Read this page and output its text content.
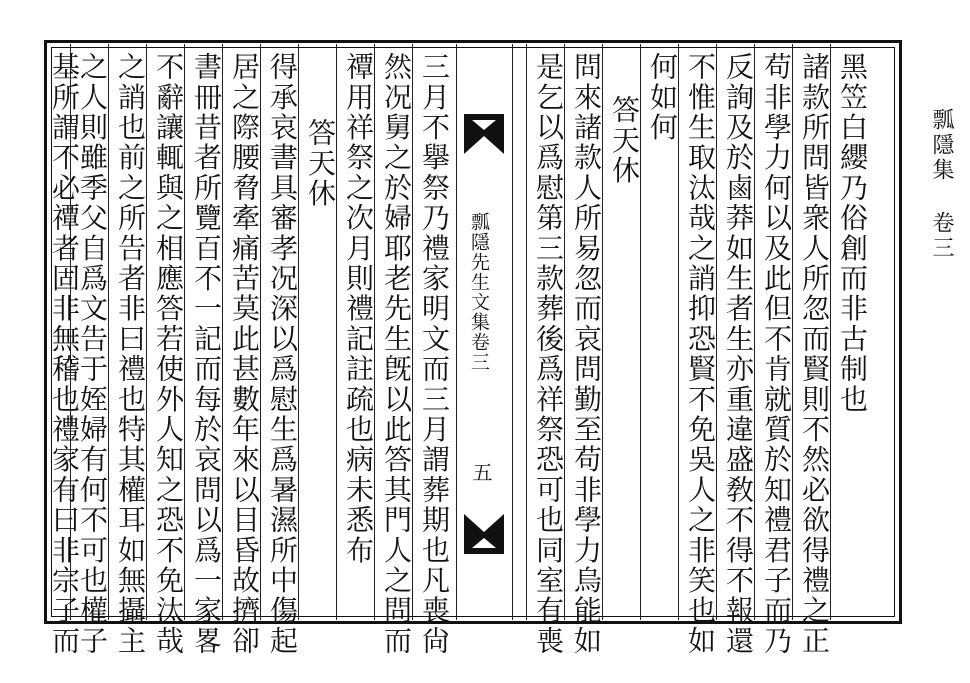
瓢隱集 卷三
黑笠白纓乃俗創而非古制也
諸款所問皆衆人所忽而賢則不然必欲得禮之正
苟非學力何以及此但不肯就質於知禮君子而乃
反詢及於鹵莽如生者生亦重違盛敎不得不報還
不惟生取汰哉之誚抑恐賢不免吳人之非笑也如
何如何
答天休
問來諸款人所易忽而哀問勤至苟非學力烏能如
是乞以爲慰第三款葬後爲祥祭恐可也同室有喪
瓢隱先生文集卷三
五
三月不擧祭乃禮家明文而三月謂葬期也凡喪尙
然况舅之於婦耶老先生旣以此答其門人之問而
禫用祥祭之次月則禮記註疏也病未悉布
答天休
得承哀書具審孝况深以爲慰生爲暑濕所中傷起
居之際腰脅牽痛苦莫此甚數年來以目昏故擠卻
書冊昔者所覽百不一記而每於哀問以爲一家畧
不辭讓輒與之相應答若使外人知之恐不免汰哉
之誚也前之所告者非曰禮也特其權耳如無攝主
之人則雖季父自爲文告于姪婦有何不可也權子
基所謂不必禫者固非無稽也禮家有曰非宗子而
